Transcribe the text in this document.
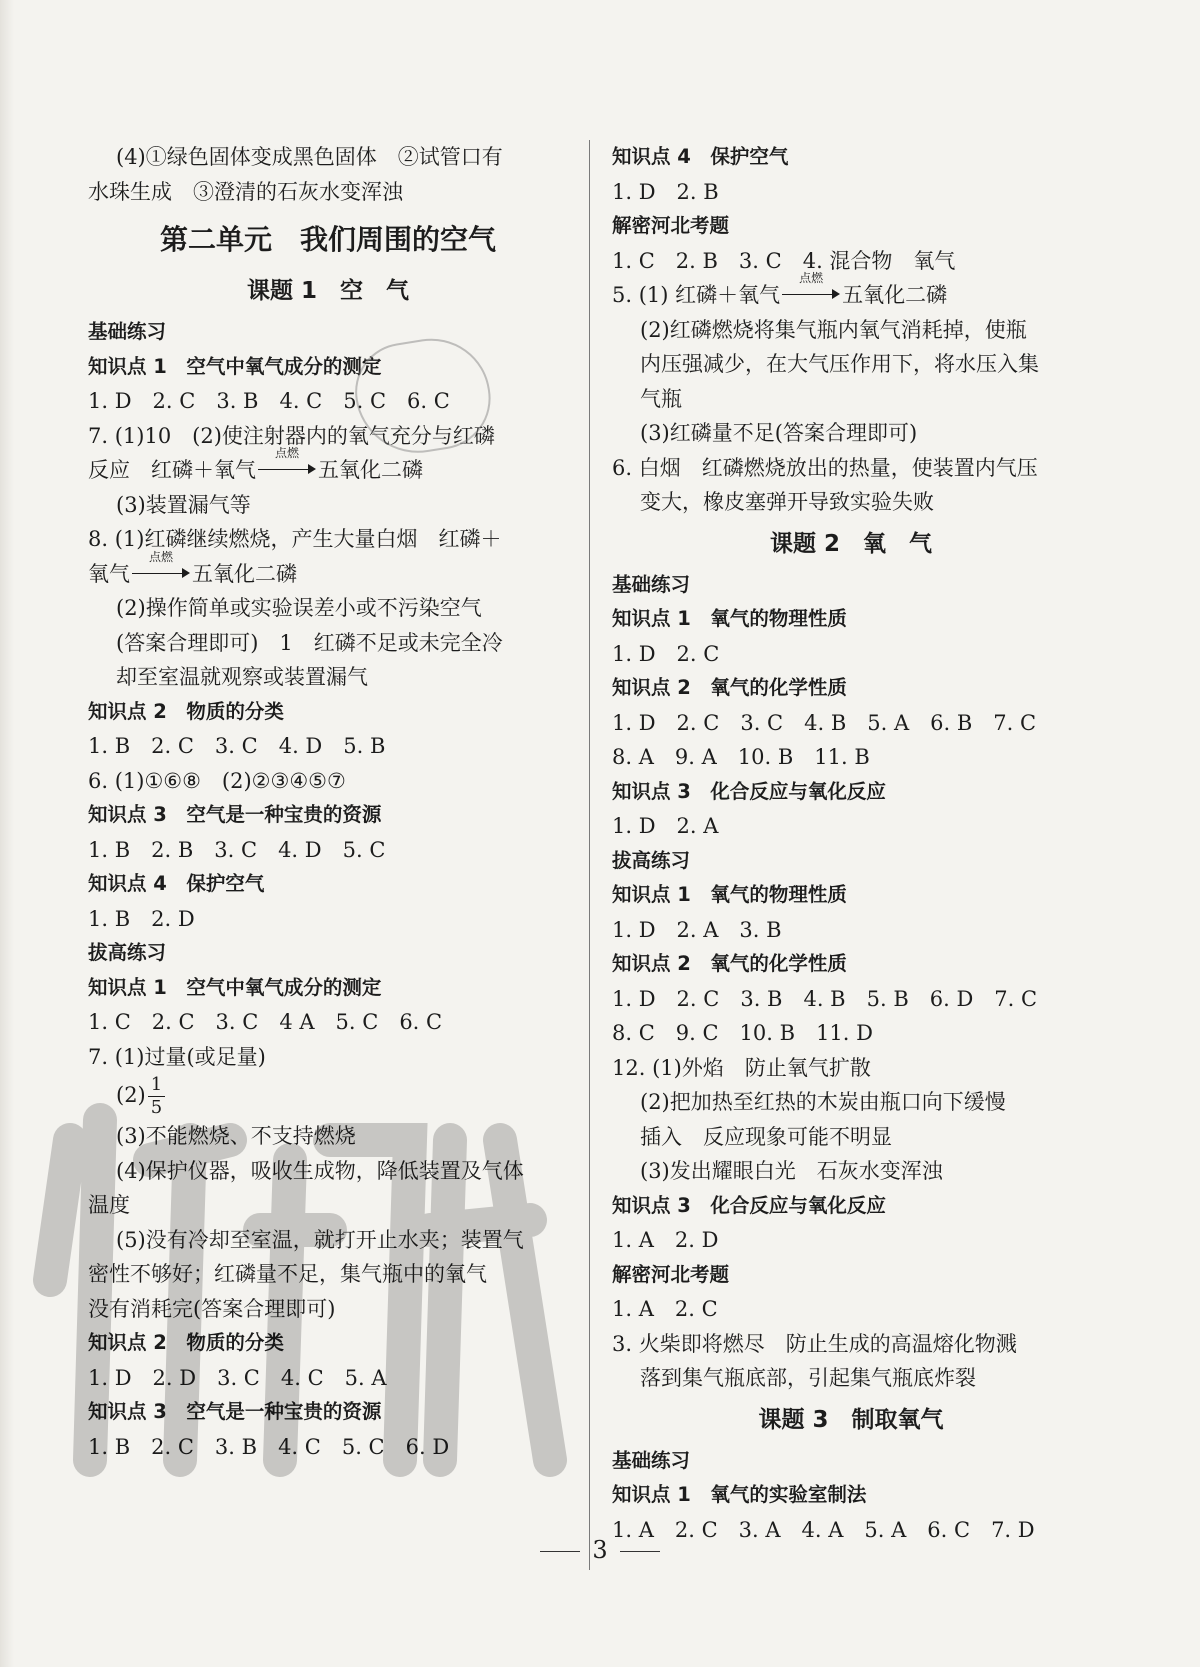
(4)①绿色固体变成黑色固体　②试管口有
水珠生成　③澄清的石灰水变浑浊
第二单元　我们周围的空气
课题 1　空　气
基础练习
知识点 1　空气中氧气成分的测定
1. D　2. C　3. B　4. C　5. C　6. C
7. (1)10　(2)使注射器内的氧气充分与红磷
反应　红磷＋氧气
点燃
五氧化二磷
(3)装置漏气等
8. (1)红磷继续燃烧，产生大量白烟　红磷＋
氧气
点燃
五氧化二磷
(2)操作简单或实验误差小或不污染空气
(答案合理即可)　1　红磷不足或未完全冷
却至室温就观察或装置漏气
知识点 2　物质的分类
1. B　2. C　3. C　4. D　5. B
6. (1)①⑥⑧　(2)②③④⑤⑦
知识点 3　空气是一种宝贵的资源
1. B　2. B　3. C　4. D　5. C
知识点 4　保护空气
1. B　2. D
拔高练习
知识点 1　空气中氧气成分的测定
1. C　2. C　3. C　4 A　5. C　6. C
7. (1)过量(或足量)
$(2) \frac{1}{5}$
(3)不能燃烧、不支持燃烧
(4)保护仪器，吸收生成物，降低装置及气体
温度
(5)没有冷却至室温，就打开止水夹；装置气
密性不够好；红磷量不足，集气瓶中的氧气
没有消耗完(答案合理即可)
知识点 2　物质的分类
1. D　2. D　3. C　4. C　5. A
知识点 3　空气是一种宝贵的资源
1. B　2. C　3. B　4. C　5. C　6. D
知识点 4　保护空气
1. D　2. B
解密河北考题
1. C　2. B　3. C　4. 混合物　氧气
5. (1) 红磷＋氧气
点燃
五氧化二磷
(2)红磷燃烧将集气瓶内氧气消耗掉，使瓶
内压强减少，在大气压作用下，将水压入集
气瓶
(3)红磷量不足(答案合理即可)
6. 白烟　红磷燃烧放出的热量，使装置内气压
变大，橡皮塞弹开导致实验失败
课题 2　氧　气
基础练习
知识点 1　氧气的物理性质
1. D　2. C
知识点 2　氧气的化学性质
1. D　2. C　3. C　4. B　5. A　6. B　7. C
8. A　9. A　10. B　11. B
知识点 3　化合反应与氧化反应
1. D　2. A
拔高练习
知识点 1　氧气的物理性质
1. D　2. A　3. B
知识点 2　氧气的化学性质
1. D　2. C　3. B　4. B　5. B　6. D　7. C
8. C　9. C　10. B　11. D
12. (1)外焰　防止氧气扩散
(2)把加热至红热的木炭由瓶口向下缓慢
插入　反应现象可能不明显
(3)发出耀眼白光　石灰水变浑浊
知识点 3　化合反应与氧化反应
1. A　2. D
解密河北考题
1. A　2. C
3. 火柴即将燃尽　防止生成的高温熔化物溅
落到集气瓶底部，引起集气瓶底炸裂
课题 3　制取氧气
基础练习
知识点 1　氧气的实验室制法
1. A　2. C　3. A　4. A　5. A　6. C　7. D
3
